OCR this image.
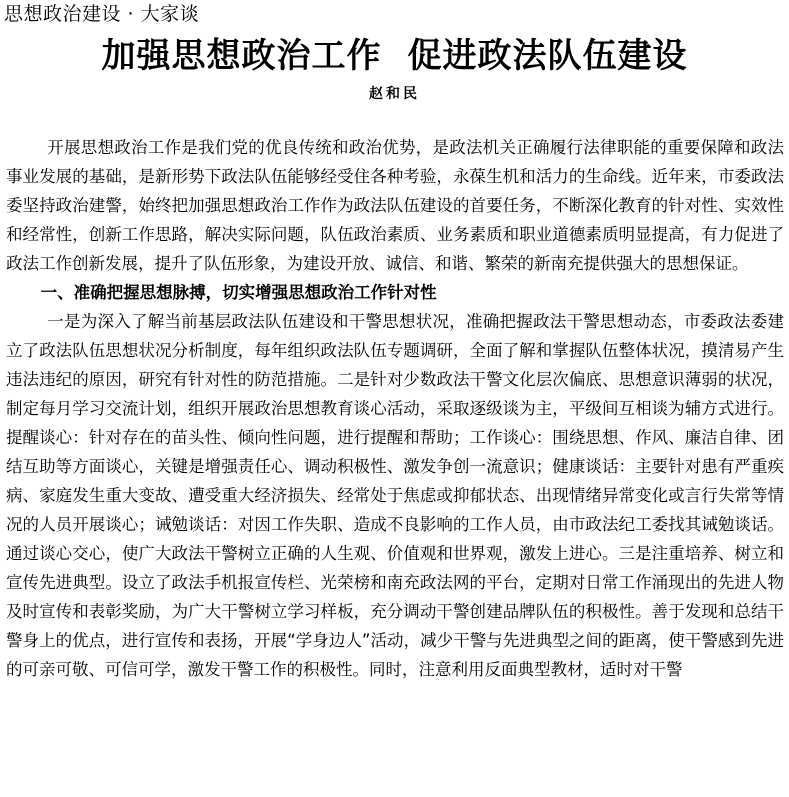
思想政治建设 · 大家谈
加强思想政治工作 促进政法队伍建设
赵和民

开展思想政治工作是我们党的优良传统和政治优势，是政法机关正确履行法律职能的重要保障和政法事业发展的基础，是新形势下政法队伍能够经受住各种考验，永葆生机和活力的生命线。近年来，市委政法委坚持政治建警，始终把加强思想政治工作作为政法队伍建设的首要任务，不断深化教育的针对性、实效性和经常性，创新工作思路，解决实际问题，队伍政治素质、业务素质和职业道德素质明显提高，有力促进了政法工作创新发展，提升了队伍形象，为建设开放、诚信、和谐、繁荣的新南充提供强大的思想保证。

一、准确把握思想脉搏，切实增强思想政治工作针对性

一是为深入了解当前基层政法队伍建设和干警思想状况，准确把握政法干警思想动态，市委政法委建立了政法队伍思想状况分析制度，每年组织政法队伍专题调研，全面了解和掌握队伍整体状况，摸清易产生违法违纪的原因，研究有针对性的防范措施。二是针对少数政法干警文化层次偏底、思想意识薄弱的状况，制定每月学习交流计划，组织开展政治思想教育谈心活动，采取逐级谈为主，平级间互相谈为辅方式进行。提醒谈心：针对存在的苗头性、倾向性问题，进行提醒和帮助；工作谈心：围绕思想、作风、廉洁自律、团结互助等方面谈心，关键是增强责任心、调动积极性、激发争创一流意识；健康谈话：主要针对患有严重疾病、家庭发生重大变故、遭受重大经济损失、经常处于焦虑或抑郁状态、出现情绪异常变化或言行失常等情况的人员开展谈心；诫勉谈话：对因工作失职、造成不良影响的工作人员，由市政法纪工委找其诫勉谈话。通过谈心交心，使广大政法干警树立正确的人生观、价值观和世界观，激发上进心。三是注重培养、树立和宣传先进典型。设立了政法手机报宣传栏、光荣榜和南充政法网的平台，定期对日常工作涌现出的先进人物及时宣传和表彰奖励，为广大干警树立学习样板，充分调动干警创建品牌队伍的积极性。善于发现和总结干警身上的优点，进行宣传和表扬，开展“学身边人”活动，减少干警与先进典型之间的距离，使干警感到先进的可亲可敬、可信可学，激发干警工作的积极性。同时，注意利用反面典型教材，适时对干警
